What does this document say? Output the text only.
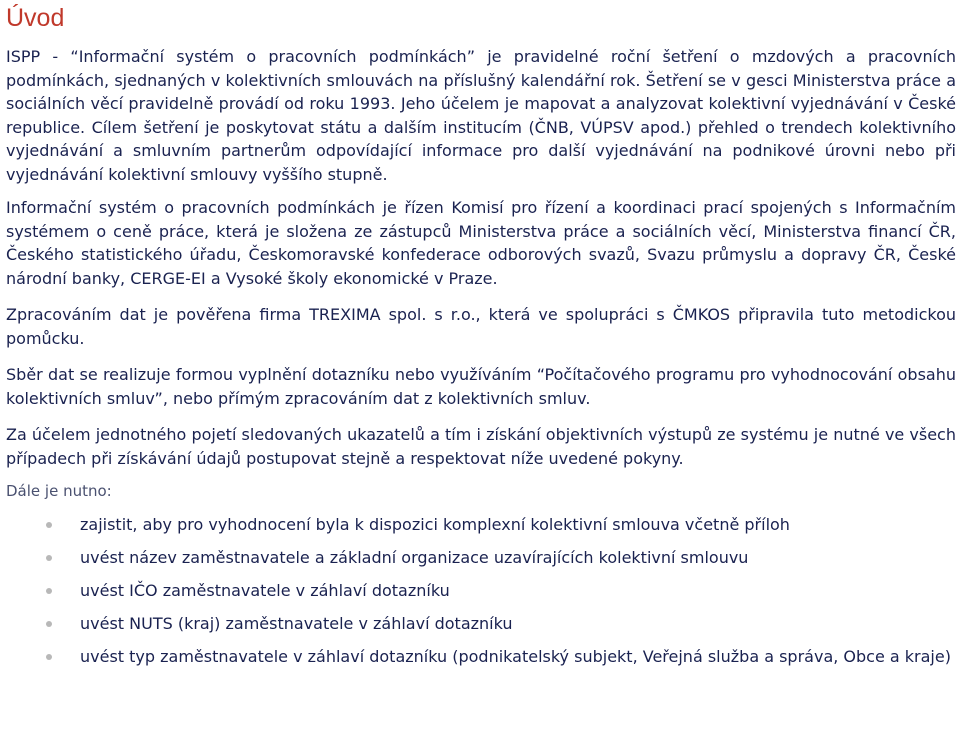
Úvod

ISPP - “Informační systém o pracovních podmínkách” je pravidelné roční šetření o mzdových a pracovních podmínkách, sjednaných v kolektivních smlouvách na příslušný kalendářní rok. Šetření se v gesci Ministerstva práce a sociálních věcí pravidelně provádí od roku 1993. Jeho účelem je mapovat a analyzovat kolektivní vyjednávání v České republice. Cílem šetření je poskytovat státu a dalším institucím (ČNB, VÚPSV apod.) přehled o trendech kolektivního vyjednávání a smluvním partnerům odpovídající informace pro další vyjednávání na podnikové úrovni nebo při vyjednávání kolektivní smlouvy vyššího stupně.

Informační systém o pracovních podmínkách je řízen Komisí pro řízení a koordinaci prací spojených s Informačním systémem o ceně práce, která je složena ze zástupců Ministerstva práce a sociálních věcí, Ministerstva financí ČR, Českého statistického úřadu, Českomoravské konfederace odborových svazů, Svazu průmyslu a dopravy ČR, České národní banky, CERGE-EI a Vysoké školy ekonomické v Praze.

Zpracováním dat je pověřena firma TREXIMA spol. s r.o., která ve spolupráci s ČMKOS připravila tuto metodickou pomůcku.

Sběr dat se realizuje formou vyplnění dotazníku nebo využíváním “Počítačového programu pro vyhodnocování obsahu kolektivních smluv”, nebo přímým zpracováním dat z kolektivních smluv.

Za účelem jednotného pojetí sledovaných ukazatelů a tím i získání objektivních výstupů ze systému je nutné ve všech případech při získávání údajů postupovat stejně a respektovat níže uvedené pokyny.

Dále je nutno:

zajistit, aby pro vyhodnocení byla k dispozici komplexní kolektivní smlouva včetně příloh
uvést název zaměstnavatele a základní organizace uzavírajících kolektivní smlouvu
uvést IČO zaměstnavatele v záhlaví dotazníku
uvést NUTS (kraj) zaměstnavatele v záhlaví dotazníku
uvést typ zaměstnavatele v záhlaví dotazníku (podnikatelský subjekt, Veřejná služba a správa, Obce a kraje)
